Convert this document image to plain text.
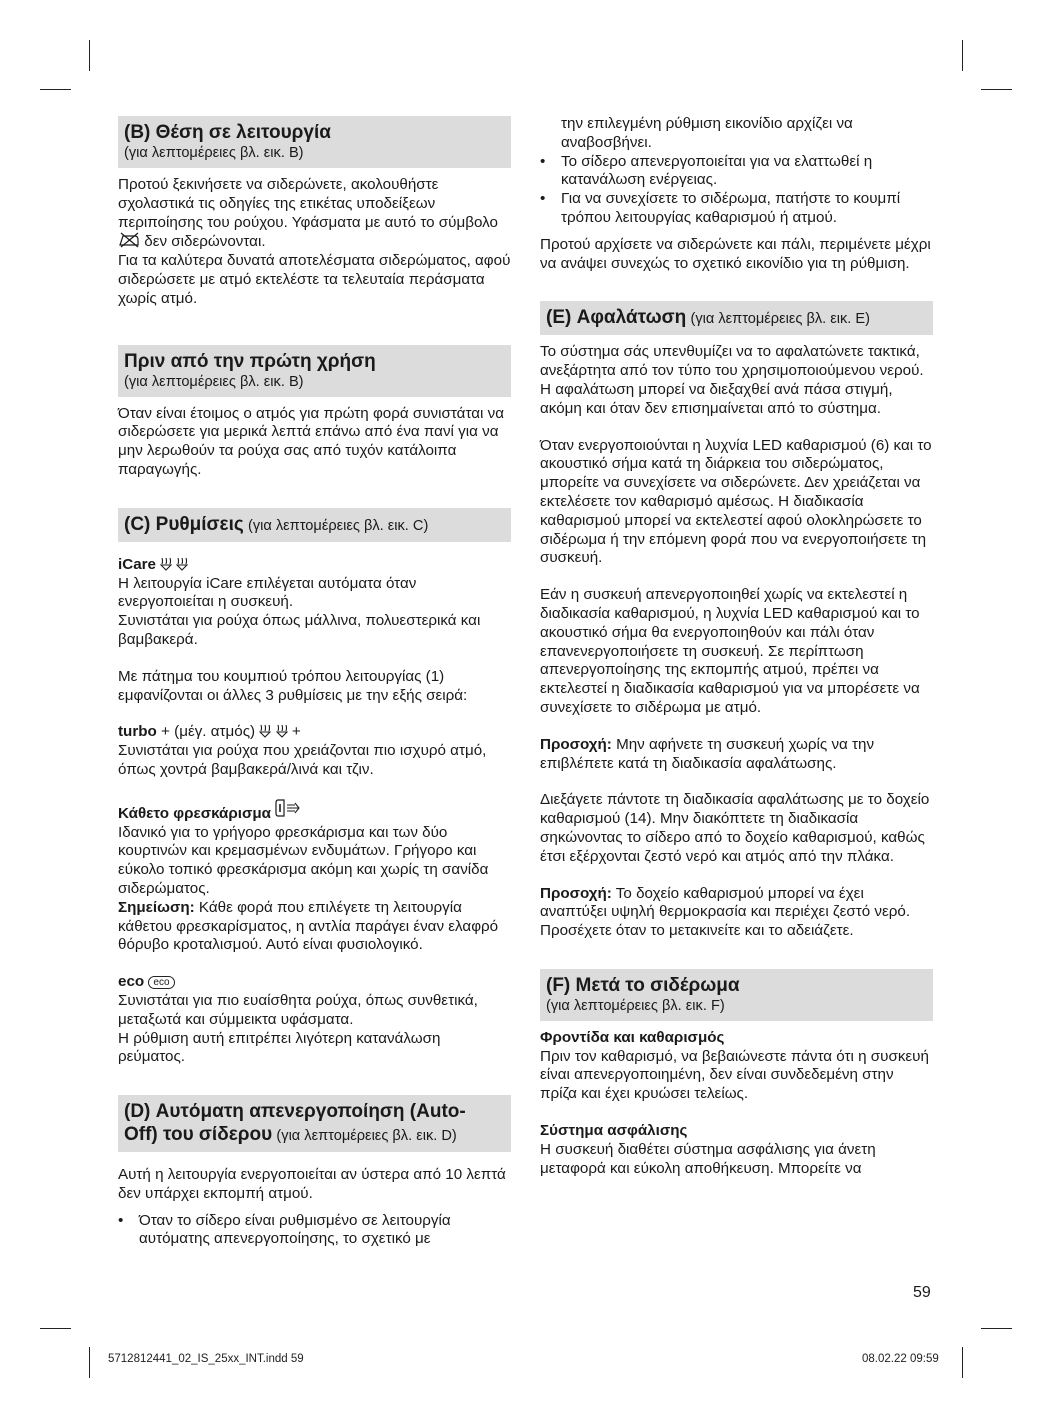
(B) Θέση σε λειτουργία
(για λεπτομέρειες βλ. εικ. B)

Προτού ξεκινήσετε να σιδερώνετε, ακολουθήστε σχολαστικά τις οδηγίες της ετικέτας υποδείξεων περιποίησης του ρούχου. Υφάσματα με αυτό το σύμβολο  δεν σιδερώνονται.

Για τα καλύτερα δυνατά αποτελέσματα σιδερώματος, αφού σιδερώσετε με ατμό εκτελέστε τα τελευταία περάσματα χωρίς ατμό.

Πριν από την πρώτη χρήση
(για λεπτομέρειες βλ. εικ. B)

Όταν είναι έτοιμος ο ατμός για πρώτη φορά συνιστάται να σιδερώσετε για μερικά λεπτά επάνω από ένα πανί για να μην λερωθούν τα ρούχα σας από τυχόν κατάλοιπα παραγωγής.

(C) Ρυθμίσεις (για λεπτομέρειες βλ. εικ. C)

iCare

Η λειτουργία iCare επιλέγεται αυτόματα όταν ενεργοποιείται η συσκευή.

Συνιστάται για ρούχα όπως μάλλινα, πολυεστερικά και βαμβακερά.

Με πάτημα του κουμπιού τρόπου λειτουργίας (1) εμφανίζονται οι άλλες 3 ρυθμίσεις με την εξής σειρά:

turbo + (μέγ. ατμός) +

Συνιστάται για ρούχα που χρειάζονται πιο ισχυρό ατμό, όπως χοντρά βαμβακερά/λινά και τζιν.

Κάθετο φρεσκάρισμα

Ιδανικό για το γρήγορο φρεσκάρισμα και των δύο κουρτινών και κρεμασμένων ενδυμάτων. Γρήγορο και εύκολο τοπικό φρεσκάρισμα ακόμη και χωρίς τη σανίδα σιδερώματος.

Σημείωση: Κάθε φορά που επιλέγετε τη λειτουργία κάθετου φρεσκαρίσματος, η αντλία παράγει έναν ελαφρό θόρυβο κροταλισμού. Αυτό είναι φυσιολογικό.

eco eco

Συνιστάται για πιο ευαίσθητα ρούχα, όπως συνθετικά, μεταξωτά και σύμμεικτα υφάσματα.

Η ρύθμιση αυτή επιτρέπει λιγότερη κατανάλωση ρεύματος.

(D) Αυτόματη απενεργοποίηση (Auto-
Off) του σίδερου (για λεπτομέρειες βλ. εικ. D)

Αυτή η λειτουργία ενεργοποιείται αν ύστερα από 10 λεπτά δεν υπάρχει εκπομπή ατμού.

• Όταν το σίδερο είναι ρυθμισμένο σε λειτουργία αυτόματης απενεργοποίησης, το σχετικό με

την επιλεγμένη ρύθμιση εικονίδιο αρχίζει να αναβοσβήνει.

• Το σίδερο απενεργοποιείται για να ελαττωθεί η κατανάλωση ενέργειας.

• Για να συνεχίσετε το σιδέρωμα, πατήστε το κουμπί τρόπου λειτουργίας καθαρισμού ή ατμού.

Προτού αρχίσετε να σιδερώνετε και πάλι, περιμένετε μέχρι να ανάψει συνεχώς το σχετικό εικονίδιο για τη ρύθμιση.

(E) Αφαλάτωση (για λεπτομέρειες βλ. εικ. E)

Το σύστημα σάς υπενθυμίζει να το αφαλατώνετε τακτικά, ανεξάρτητα από τον τύπο του χρησιμοποιούμενου νερού. Η αφαλάτωση μπορεί να διεξαχθεί ανά πάσα στιγμή, ακόμη και όταν δεν επισημαίνεται από το σύστημα.

Όταν ενεργοποιούνται η λυχνία LED καθαρισμού (6) και το ακουστικό σήμα κατά τη διάρκεια του σιδερώματος, μπορείτε να συνεχίσετε να σιδερώνετε. Δεν χρειάζεται να εκτελέσετε τον καθαρισμό αμέσως. Η διαδικασία καθαρισμού μπορεί να εκτελεστεί αφού ολοκληρώσετε το σιδέρωμα ή την επόμενη φορά που να ενεργοποιήσετε τη συσκευή.

Εάν η συσκευή απενεργοποιηθεί χωρίς να εκτελεστεί η διαδικασία καθαρισμού, η λυχνία LED καθαρισμού και το ακουστικό σήμα θα ενεργοποιηθούν και πάλι όταν επανενεργοποιήσετε τη συσκευή. Σε περίπτωση απενεργοποίησης της εκπομπής ατμού, πρέπει να εκτελεστεί η διαδικασία καθαρισμού για να μπορέσετε να συνεχίσετε το σιδέρωμα με ατμό.

Προσοχή: Μην αφήνετε τη συσκευή χωρίς να την επιβλέπετε κατά τη διαδικασία αφαλάτωσης.

Διεξάγετε πάντοτε τη διαδικασία αφαλάτωσης με το δοχείο καθαρισμού (14). Μην διακόπτετε τη διαδικασία σηκώνοντας το σίδερο από το δοχείο καθαρισμού, καθώς έτσι εξέρχονται ζεστό νερό και ατμός από την πλάκα.

Προσοχή: Το δοχείο καθαρισμού μπορεί να έχει αναπτύξει υψηλή θερμοκρασία και περιέχει ζεστό νερό. Προσέχετε όταν το μετακινείτε και το αδειάζετε.

(F) Μετά το σιδέρωμα
(για λεπτομέρειες βλ. εικ. F)

Φροντίδα και καθαρισμός

Πριν τον καθαρισμό, να βεβαιώνεστε πάντα ότι η συσκευή είναι απενεργοποιημένη, δεν είναι συνδεδεμένη στην πρίζα και έχει κρυώσει τελείως.

Σύστημα ασφάλισης

Η συσκευή διαθέτει σύστημα ασφάλισης για άνετη μεταφορά και εύκολη αποθήκευση. Μπορείτε να

59
5712812441_02_IS_25xx_INT.indd 59	08.02.22 09:59
